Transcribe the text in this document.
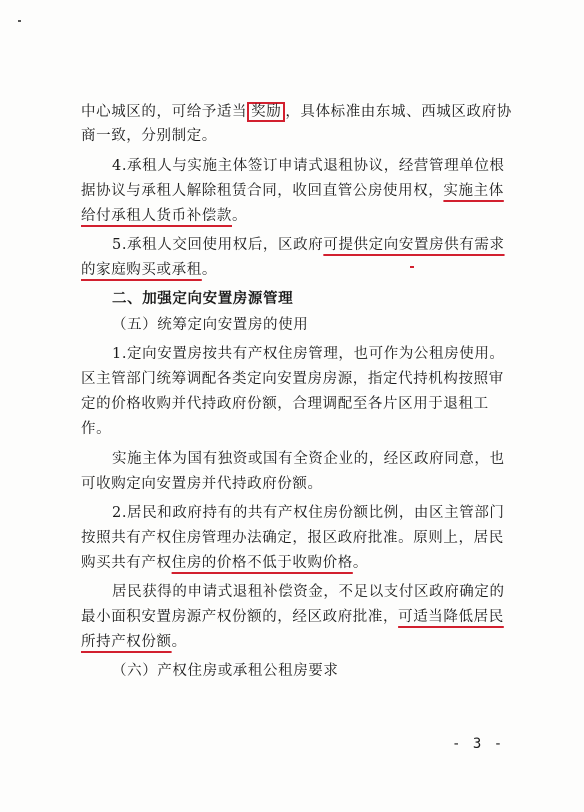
中心城区的，可给予适当 奖励 ，具体标准由东城、西城区政府协
商一致，分别制定。
4.承租人与实施主体签订申请式退租协议，经营管理单位根
据协议与承租人解除租赁合同，收回直管公房使用权，实施主体
给付承租人货币补偿款。
5.承租人交回使用权后，区政府可提供定向安置房供有需求
的家庭购买或承租。
二、加强定向安置房源管理
（五）统筹定向安置房的使用
1.定向安置房按共有产权住房管理，也可作为公租房使用。
区主管部门统筹调配各类定向安置房房源，指定代持机构按照审
定的价格收购并代持政府份额，合理调配至各片区用于退租工
作。
实施主体为国有独资或国有全资企业的，经区政府同意，也
可收购定向安置房并代持政府份额。
2.居民和政府持有的共有产权住房份额比例，由区主管部门
按照共有产权住房管理办法确定，报区政府批准。原则上，居民
购买共有产权住房的价格不低于收购价格。
居民获得的申请式退租补偿资金，不足以支付区政府确定的
最小面积安置房源产权份额的，经区政府批准，可适当降低居民
所持产权份额。
（六）产权住房或承租公租房要求
- 3 -
